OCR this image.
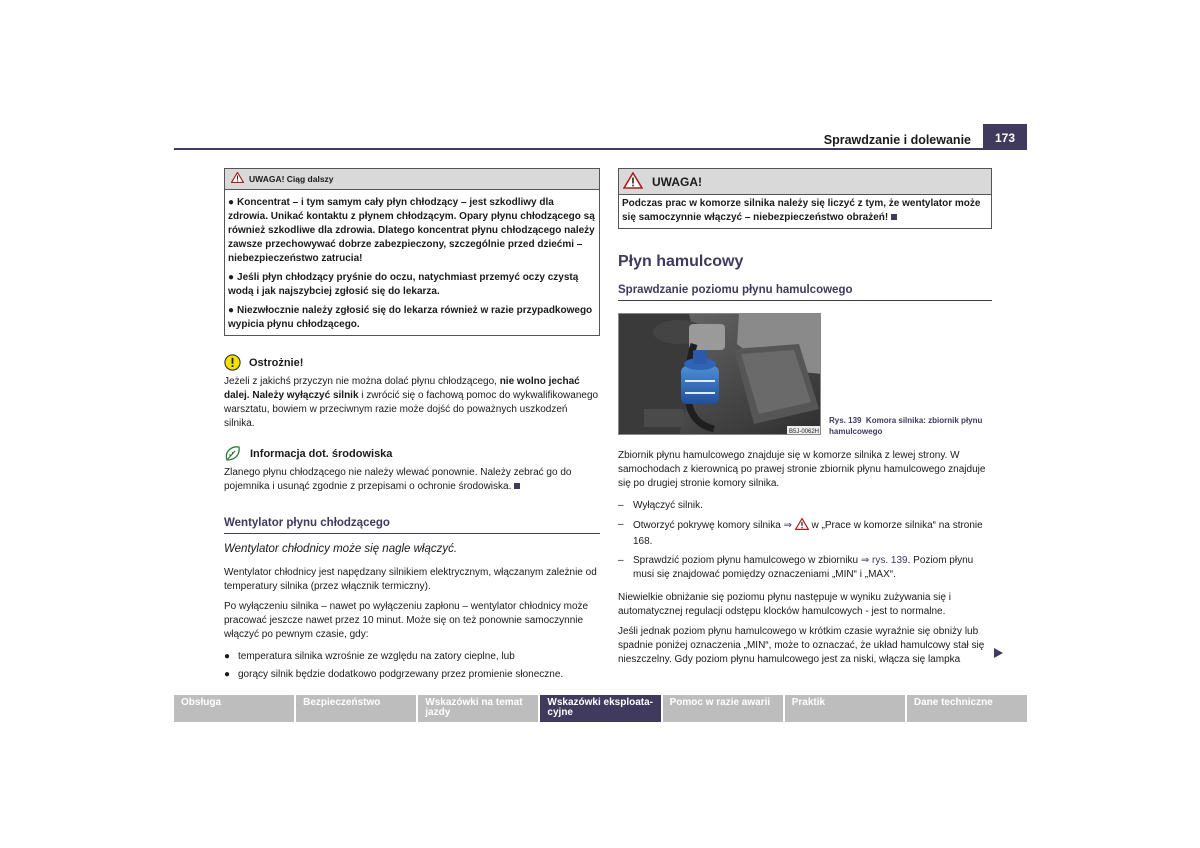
Sprawdzanie i dolewanie	173
UWAGA! Ciąg dalszy
● Koncentrat – i tym samym cały płyn chłodzący – jest szkodliwy dla zdrowia. Unikać kontaktu z płynem chłodzącym. Opary płynu chłodzącego są również szkodliwe dla zdrowia. Dlatego koncentrat płynu chłodzącego należy zawsze przechowywać dobrze zabezpieczony, szczególnie przed dziećmi – niebezpieczeństwo zatrucia!
● Jeśli płyn chłodzący pryśnie do oczu, natychmiast przemyć oczy czystą wodą i jak najszybciej zgłosić się do lekarza.
● Niezwłocznie należy zgłosić się do lekarza również w razie przypadkowego wypicia płynu chłodzącego.
Ostrożnie!
Jeżeli z jakichś przyczyn nie można dolać płynu chłodzącego, nie wolno jechać dalej. Należy wyłączyć silnik i zwrócić się o fachową pomoc do wykwalifikowanego warsztatu, bowiem w przeciwnym razie może dojść do poważnych uszkodzeń silnika.
Informacja dot. środowiska
Zlanego płynu chłodzącego nie należy wlewać ponownie. Należy zebrać go do pojemnika i usunąć zgodnie z przepisami o ochronie środowiska.
Wentylator płynu chłodzącego
Wentylator chłodnicy może się nagle włączyć.

Wentylator chłodnicy jest napędzany silnikiem elektrycznym, włączanym zależnie od temperatury silnika (przez włącznik termiczny).

Po wyłączeniu silnika – nawet po wyłączeniu zapłonu – wentylator chłodnicy może pracować jeszcze nawet przez 10 minut. Może się on też ponownie samoczynnie włączyć po pewnym czasie, gdy:

● temperatura silnika wzrośnie ze względu na zatory cieplne, lub
● gorący silnik będzie dodatkowo podgrzewany przez promienie słoneczne.
UWAGA!
Podczas prac w komorze silnika należy się liczyć z tym, że wentylator może się samoczynnie włączyć – niebezpieczeństwo obrażeń!
Płyn hamulcowy
Sprawdzanie poziomu płynu hamulcowego
B5J-0062H
Rys. 139 Komora silnika: zbiornik płynu hamulcowego

Zbiornik płynu hamulcowego znajduje się w komorze silnika z lewej strony. W samochodach z kierownicą po prawej stronie zbiornik płynu hamulcowego znajduje się po drugiej stronie komory silnika.

– Wyłączyć silnik.
– Otworzyć pokrywę komory silnika ⇒  w „Prace w komorze silnika“ na stronie 168.
– Sprawdzić poziom płynu hamulcowego w zbiorniku ⇒ rys. 139. Poziom płynu musi się znajdować pomiędzy oznaczeniami „MIN“ i „MAX“.

Niewielkie obniżanie się poziomu płynu następuje w wyniku zużywania się i automatycznej regulacji odstępu klocków hamulcowych - jest to normalne.

Jeśli jednak poziom płynu hamulcowego w krótkim czasie wyraźnie się obniży lub spadnie poniżej oznaczenia „MIN“, może to oznaczać, że układ hamulcowy stał się nieszczelny. Gdy poziom płynu hamulcowego jest za niski, włącza się lampka

Obsługa	Bezpieczeństwo	Wskazówki na temat jazdy
Wskazówki eksploata-cyjne
Pomoc w razie awarii	Praktik	Dane techniczne
